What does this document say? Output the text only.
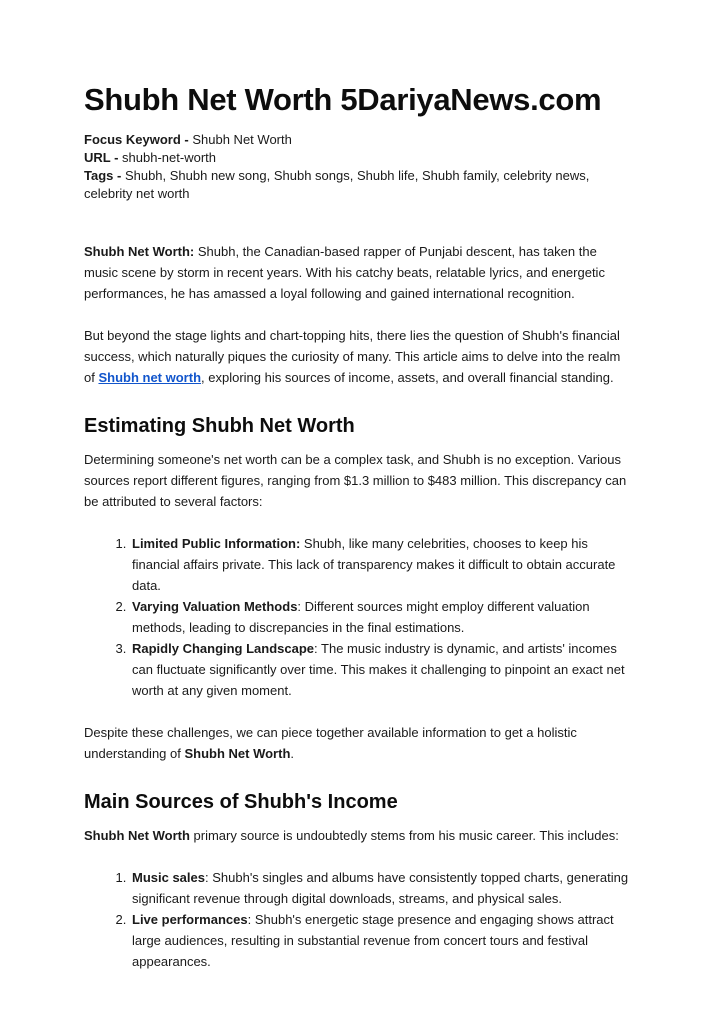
Shubh Net Worth 5DariyaNews.com

Focus Keyword - Shubh Net Worth

URL - shubh-net-worth

Tags - Shubh, Shubh new song, Shubh songs, Shubh life, Shubh family, celebrity news, celebrity net worth

Shubh Net Worth: Shubh, the Canadian-based rapper of Punjabi descent, has taken the music scene by storm in recent years. With his catchy beats, relatable lyrics, and energetic performances, he has amassed a loyal following and gained international recognition.

But beyond the stage lights and chart-topping hits, there lies the question of Shubh's financial success, which naturally piques the curiosity of many. This article aims to delve into the realm of Shubh net worth, exploring his sources of income, assets, and overall financial standing.

Estimating Shubh Net Worth

Determining someone's net worth can be a complex task, and Shubh is no exception. Various sources report different figures, ranging from $1.3 million to $483 million. This discrepancy can be attributed to several factors:

1. Limited Public Information: Shubh, like many celebrities, chooses to keep his financial affairs private. This lack of transparency makes it difficult to obtain accurate data.
2. Varying Valuation Methods: Different sources might employ different valuation methods, leading to discrepancies in the final estimations.
3. Rapidly Changing Landscape: The music industry is dynamic, and artists' incomes can fluctuate significantly over time. This makes it challenging to pinpoint an exact net worth at any given moment.

Despite these challenges, we can piece together available information to get a holistic understanding of Shubh Net Worth.

Main Sources of Shubh's Income

Shubh Net Worth primary source is undoubtedly stems from his music career. This includes:

1. Music sales: Shubh's singles and albums have consistently topped charts, generating significant revenue through digital downloads, streams, and physical sales.
2. Live performances: Shubh's energetic stage presence and engaging shows attract large audiences, resulting in substantial revenue from concert tours and festival appearances.
